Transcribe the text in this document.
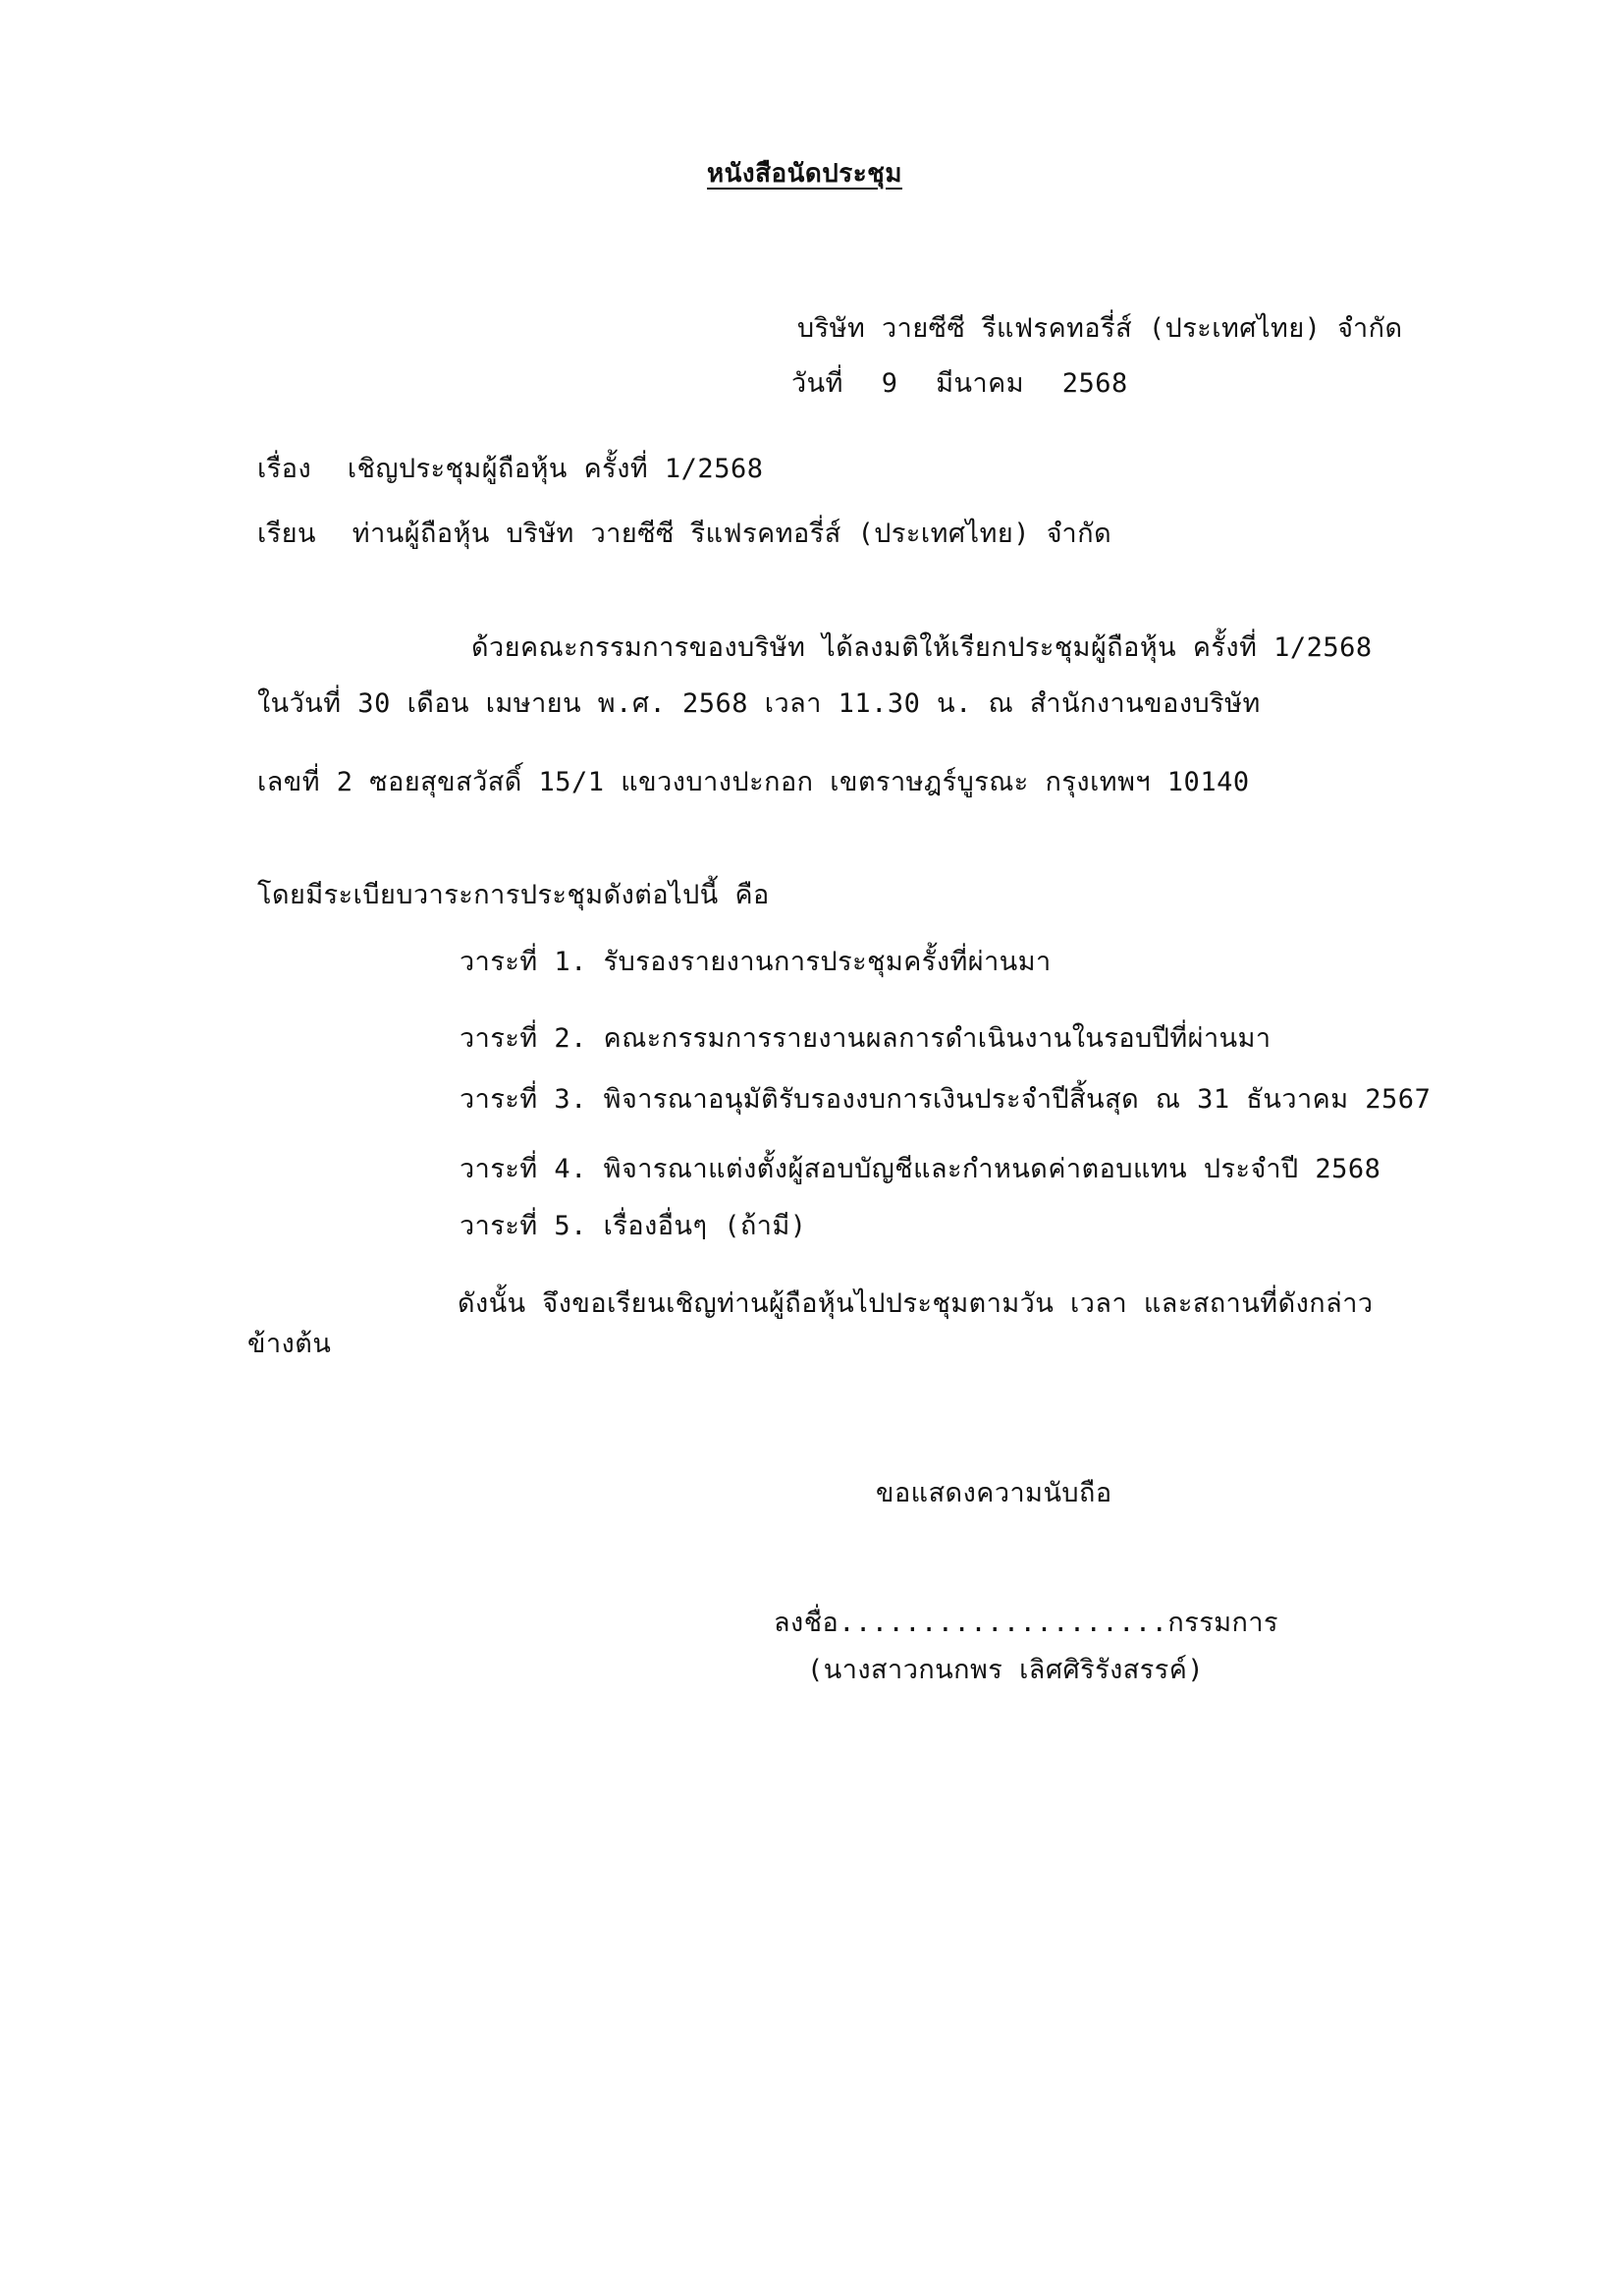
หนังสือนัดประชุม
บริษัท วายซีซี รีแฟรคทอรี่ส์ (ประเทศไทย) จำกัด
วันที่ 9 มีนาคม 2568
เรื่อง เชิญประชุมผู้ถือหุ้น ครั้งที่ 1/2568
เรียน ท่านผู้ถือหุ้น บริษัท วายซีซี รีแฟรคทอรี่ส์ (ประเทศไทย) จำกัด
ด้วยคณะกรรมการของบริษัท ได้ลงมติให้เรียกประชุมผู้ถือหุ้น ครั้งที่ 1/2568
ในวันที่ 30 เดือน เมษายน พ.ศ. 2568 เวลา 11.30 น. ณ สำนักงานของบริษัท
เลขที่ 2 ซอยสุขสวัสดิ์ 15/1 แขวงบางปะกอก เขตราษฎร์บูรณะ กรุงเทพฯ 10140
โดยมีระเบียบวาระการประชุมดังต่อไปนี้ คือ
วาระที่ 1. รับรองรายงานการประชุมครั้งที่ผ่านมา
วาระที่ 2. คณะกรรมการรายงานผลการดำเนินงานในรอบปีที่ผ่านมา
วาระที่ 3. พิจารณาอนุมัติรับรองงบการเงินประจำปีสิ้นสุด ณ 31 ธันวาคม 2567
วาระที่ 4. พิจารณาแต่งตั้งผู้สอบบัญชีและกำหนดค่าตอบแทน ประจำปี 2568
วาระที่ 5. เรื่องอื่นๆ (ถ้ามี)
ดังนั้น จึงขอเรียนเชิญท่านผู้ถือหุ้นไปประชุมตามวัน เวลา และสถานที่ดังกล่าว
ข้างต้น
ขอแสดงความนับถือ
ลงชื่อ....................กรรมการ
(นางสาวกนกพร เลิศศิริรังสรรค์)
